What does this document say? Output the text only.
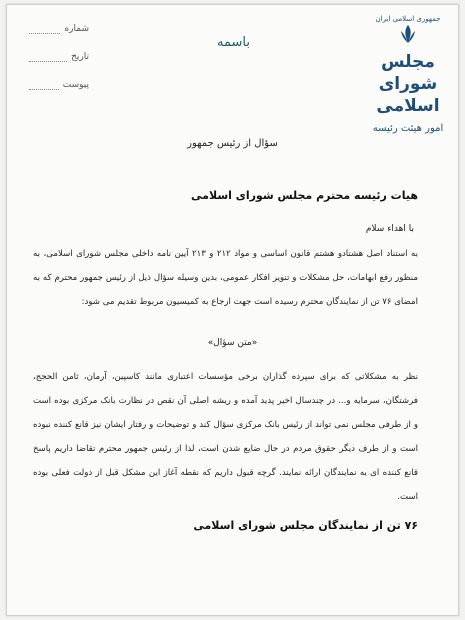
شماره
تاریخ
پیوست
باسمه
جمهوری اسلامی ایران
مجلس شورای اسلامی
امور هیئت رئیسه
سؤال از رئیس جمهور
هیات رئیسه محترم مجلس شورای اسلامی
با اهداء سلام
به استناد اصل هشتادو هشتم قانون اساسی و مواد ۲۱۲ و ۲۱۳ آیین نامه داخلی مجلس شورای اسلامی، به منظور رفع ابهامات، حل مشکلات و تنویر افکار عمومی، بدین وسیله سؤال ذیل از رئیس جمهور محترم که به امضای ۷۶ تن از نمایندگان محترم رسیده است جهت ارجاع به کمیسیون مربوط تقدیم می شود:
«متن سؤال»
نظر به مشکلاتی که برای سپرده گذاران برخی مؤسسات اعتباری مانند کاسپین، آرمان، ثامن الحجج، فرشتگان، سرمایه و... در چندسال اخیر پدید آمده و ریشه اصلی آن نقص در نظارت بانک مرکزی بوده است و از طرفی مجلس نمی تواند از رئیس بانک مرکزی سؤال کند و توضیحات و رفتار ایشان نیز قانع کننده نبوده است و از طرف دیگر حقوق مردم در حال ضایع شدن است، لذا از رئیس جمهور محترم تقاضا داریم پاسخ قانع کننده ای به نمایندگان ارائه نمایند. گرچه قبول داریم که نقطه آغاز این مشکل قبل از دولت فعلی بوده است.
۷۶ تن از نمایندگان مجلس شورای اسلامی
